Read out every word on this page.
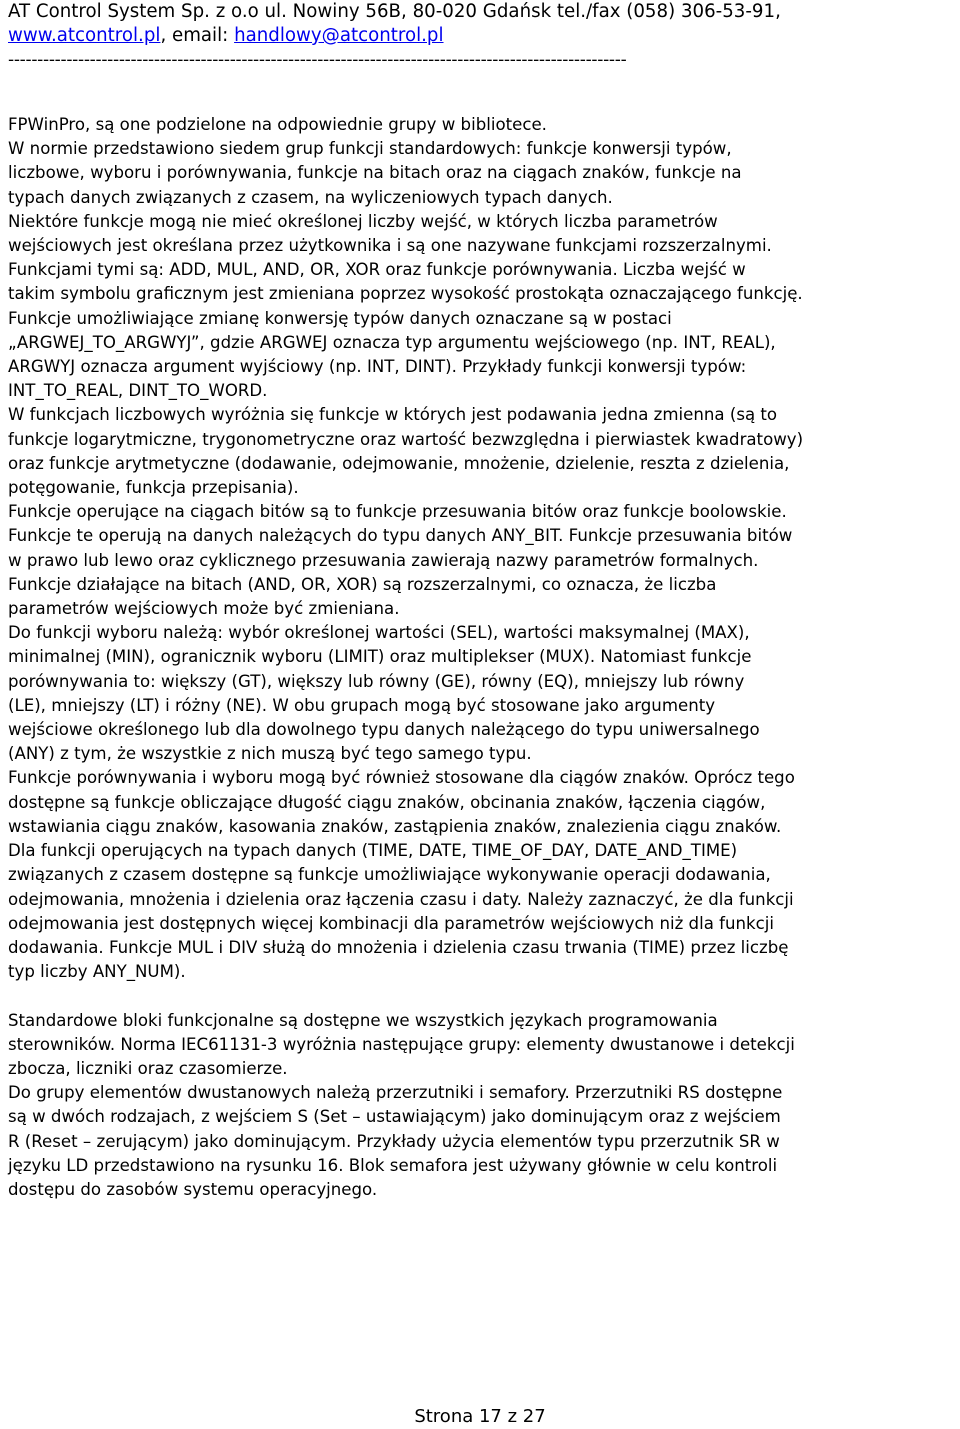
AT Control System Sp. z o.o ul. Nowiny 56B, 80-020 Gdańsk tel./fax (058) 306-53-91,
www.atcontrol.pl, email: handlowy@atcontrol.pl
----------------------------------------------------------------------------------------------------------

FPWinPro, są one podzielone na odpowiednie grupy w bibliotece.

W normie przedstawiono siedem grup funkcji standardowych: funkcje konwersji typów,

liczbowe, wyboru i porównywania, funkcje na bitach oraz na ciągach znaków, funkcje na

typach danych związanych z czasem, na wyliczeniowych typach danych.

Niektóre funkcje mogą nie mieć określonej liczby wejść, w których liczba parametrów

wejściowych jest określana przez użytkownika i są one nazywane funkcjami rozszerzalnymi.

Funkcjami tymi są: ADD, MUL, AND, OR, XOR oraz funkcje porównywania. Liczba wejść w

takim symbolu graficznym jest zmieniana poprzez wysokość prostokąta oznaczającego funkcję.

Funkcje umożliwiające zmianę konwersję typów danych oznaczane są w postaci

„ARGWEJ_TO_ARGWYJ”, gdzie ARGWEJ oznacza typ argumentu wejściowego (np. INT, REAL),

ARGWYJ oznacza argument wyjściowy (np. INT, DINT). Przykłady funkcji konwersji typów:

INT_TO_REAL, DINT_TO_WORD.

W funkcjach liczbowych wyróżnia się funkcje w których jest podawania jedna zmienna (są to

funkcje logarytmiczne, trygonometryczne oraz wartość bezwzględna i pierwiastek kwadratowy)

oraz funkcje arytmetyczne (dodawanie, odejmowanie, mnożenie, dzielenie, reszta z dzielenia,

potęgowanie, funkcja przepisania).

Funkcje operujące na ciągach bitów są to funkcje przesuwania bitów oraz funkcje boolowskie.

Funkcje te operują na danych należących do typu danych ANY_BIT. Funkcje przesuwania bitów

w prawo lub lewo oraz cyklicznego przesuwania zawierają nazwy parametrów formalnych.

Funkcje działające na bitach (AND, OR, XOR) są rozszerzalnymi, co oznacza, że liczba

parametrów wejściowych może być zmieniana.

Do funkcji wyboru należą: wybór określonej wartości (SEL), wartości maksymalnej (MAX),

minimalnej (MIN), ogranicznik wyboru (LIMIT) oraz multiplekser (MUX). Natomiast funkcje

porównywania to: większy (GT), większy lub równy (GE), równy (EQ), mniejszy lub równy

(LE), mniejszy (LT) i różny (NE). W obu grupach mogą być stosowane jako argumenty

wejściowe określonego lub dla dowolnego typu danych należącego do typu uniwersalnego

(ANY) z tym, że wszystkie z nich muszą być tego samego typu.

Funkcje porównywania i wyboru mogą być również stosowane dla ciągów znaków. Oprócz tego

dostępne są funkcje obliczające długość ciągu znaków, obcinania znaków, łączenia ciągów,

wstawiania ciągu znaków, kasowania znaków, zastąpienia znaków, znalezienia ciągu znaków.

Dla funkcji operujących na typach danych (TIME, DATE, TIME_OF_DAY, DATE_AND_TIME)

związanych z czasem dostępne są funkcje umożliwiające wykonywanie operacji dodawania,

odejmowania, mnożenia i dzielenia oraz łączenia czasu i daty. Należy zaznaczyć, że dla funkcji

odejmowania jest dostępnych więcej kombinacji dla parametrów wejściowych niż dla funkcji

dodawania. Funkcje MUL i DIV służą do mnożenia i dzielenia czasu trwania (TIME) przez liczbę

typ liczby ANY_NUM).

Standardowe bloki funkcjonalne są dostępne we wszystkich językach programowania

sterowników. Norma IEC61131-3 wyróżnia następujące grupy: elementy dwustanowe i detekcji

zbocza, liczniki oraz czasomierze.

Do grupy elementów dwustanowych należą przerzutniki i semafory. Przerzutniki RS dostępne

są w dwóch rodzajach, z wejściem S (Set – ustawiającym) jako dominującym oraz z wejściem

R (Reset – zerującym) jako dominującym. Przykłady użycia elementów typu przerzutnik SR w

języku LD przedstawiono na rysunku 16. Blok semafora jest używany głównie w celu kontroli

dostępu do zasobów systemu operacyjnego.

Strona 17 z 27
